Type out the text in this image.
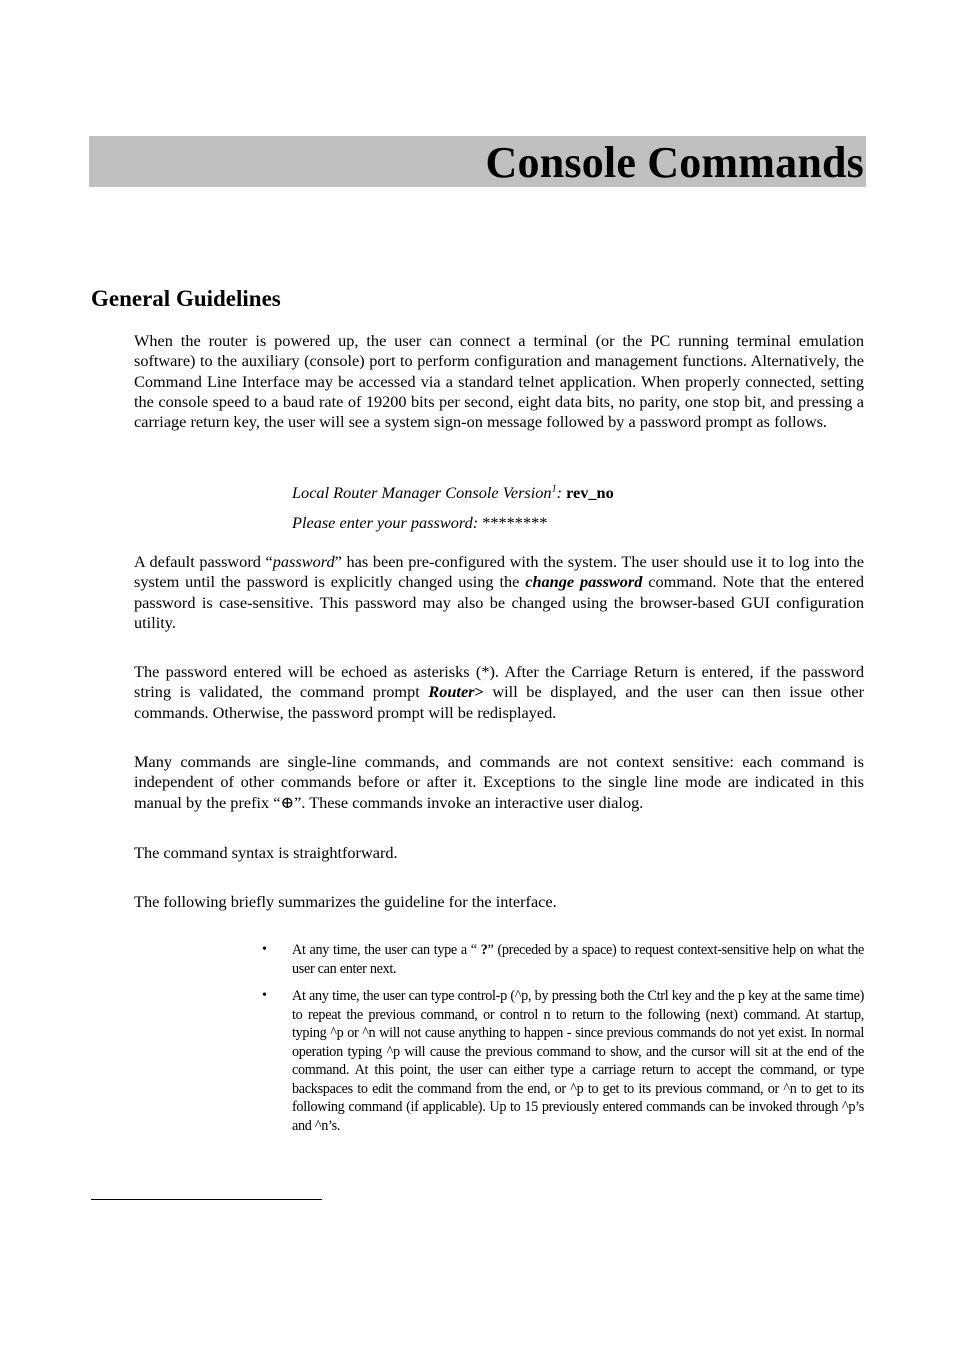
Console Commands
General Guidelines

When the router is powered up, the user can connect a terminal (or the PC running terminal emulation software) to the auxiliary (console) port to perform configuration and management functions. Alternatively, the Command Line Interface may be accessed via a standard telnet application. When properly connected, setting the console speed to a baud rate of 19200 bits per second, eight data bits, no parity, one stop bit, and pressing a carriage return key, the user will see a system sign-on message followed by a password prompt as follows.

Local Router Manager Console Version$^1$: rev_no

Please enter your password: ********

A default password “password” has been pre-configured with the system. The user should use it to log into the system until the password is explicitly changed using the change password command. Note that the entered password is case-sensitive. This password may also be changed using the browser-based GUI configuration utility.

The password entered will be echoed as asterisks (*). After the Carriage Return is entered, if the password string is validated, the command prompt Router> will be displayed, and the user can then issue other commands. Otherwise, the password prompt will be redisplayed.

Many commands are single-line commands, and commands are not context sensitive: each command is independent of other commands before or after it. Exceptions to the single line mode are indicated in this manual by the prefix “⊕”. These commands invoke an interactive user dialog.

The command syntax is straightforward.

The following briefly summarizes the guideline for the interface.

•	At any time, the user can type a “ ?” (preceded by a space) to request context-sensitive help on what the user can enter next.
•	At any time, the user can type control-p (^p, by pressing both the Ctrl key and the p key at the same time) to repeat the previous command, or control n to return to the following (next) command. At startup, typing ^p or ^n will not cause anything to happen - since previous commands do not yet exist. In normal operation typing ^p will cause the previous command to show, and the cursor will sit at the end of the command. At this point, the user can either type a carriage return to accept the command, or type backspaces to edit the command from the end, or ^p to get to its previous command, or ^n to get to its following command (if applicable). Up to 15 previously entered commands can be invoked through ^p’s and ^n’s.
